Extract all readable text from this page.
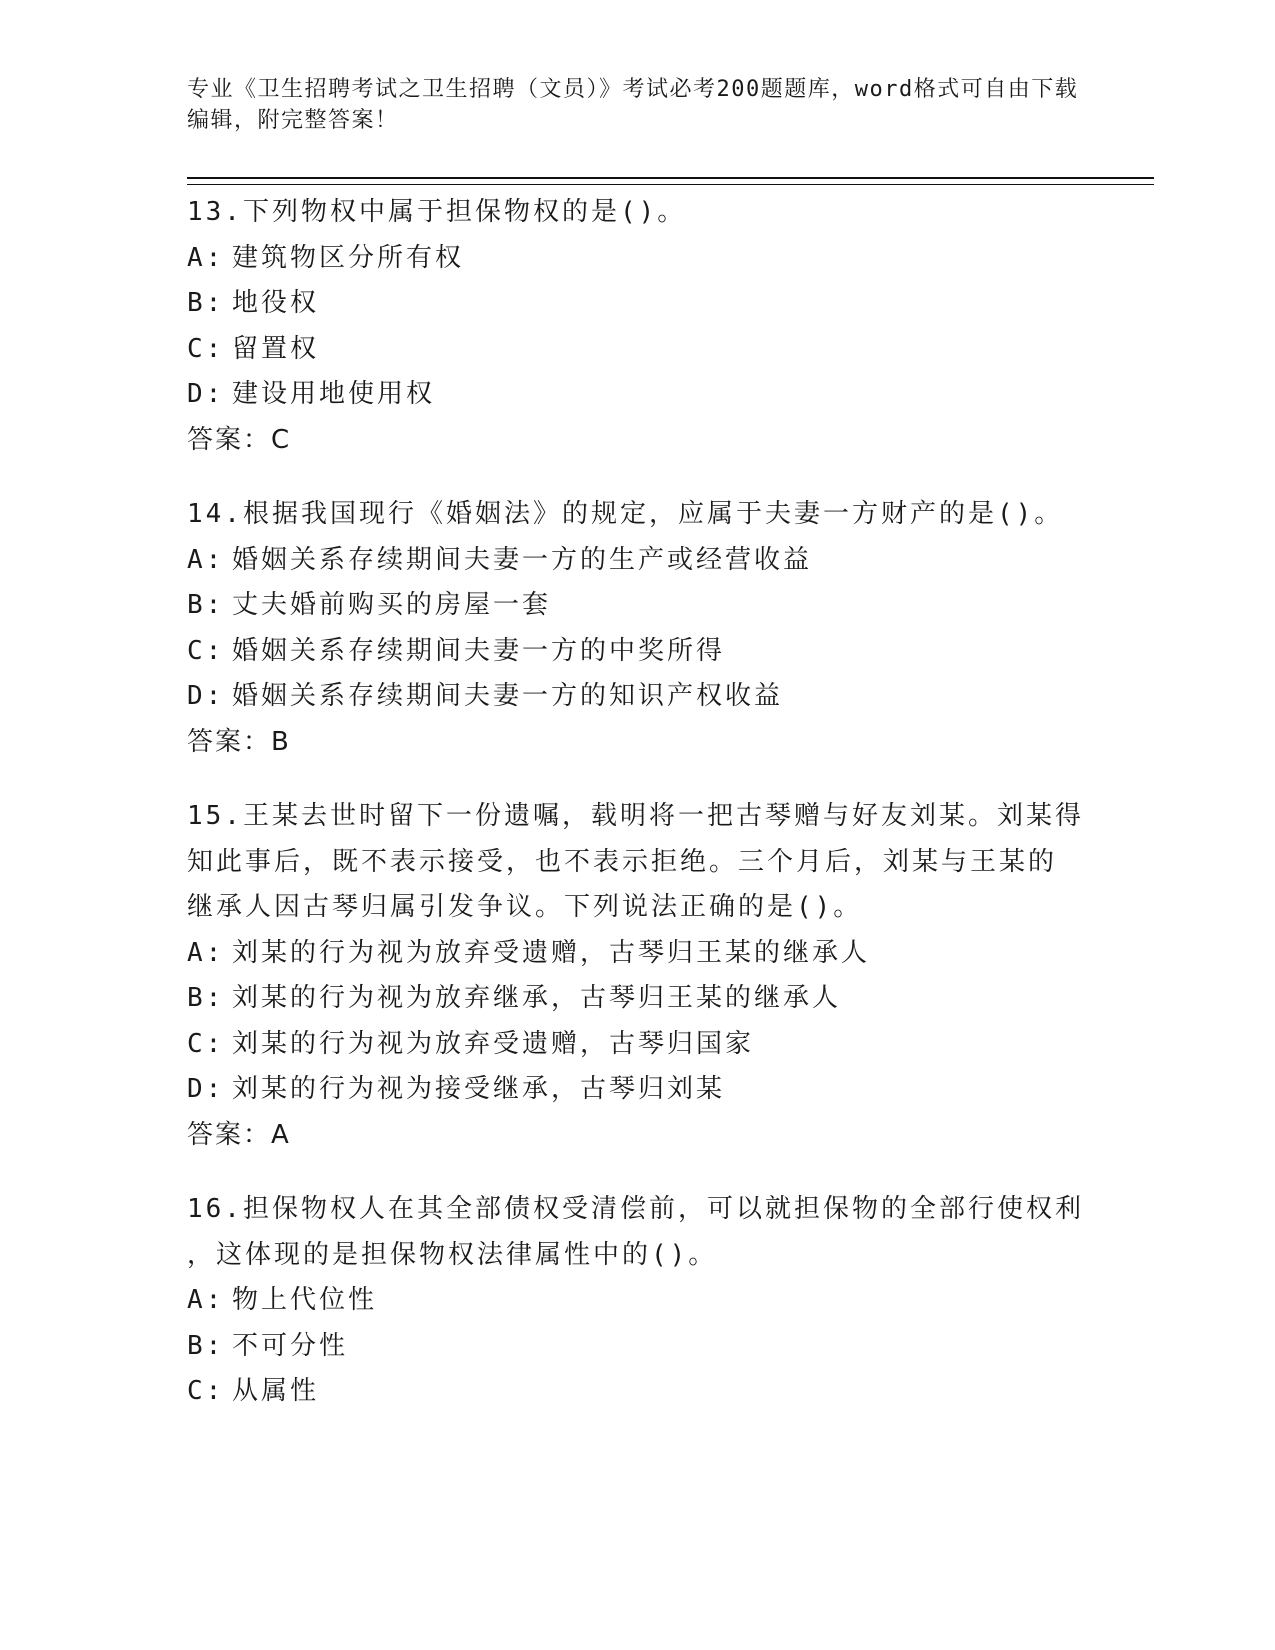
专业《卫生招聘考试之卫生招聘（文员）》考试必考200题题库，word格式可自由下载编辑，附完整答案！
13.下列物权中属于担保物权的是()。
A: 建筑物区分所有权
B: 地役权
C: 留置权
D: 建设用地使用权
答案：C
14.根据我国现行《婚姻法》的规定，应属于夫妻一方财产的是()。
A: 婚姻关系存续期间夫妻一方的生产或经营收益
B: 丈夫婚前购买的房屋一套
C: 婚姻关系存续期间夫妻一方的中奖所得
D: 婚姻关系存续期间夫妻一方的知识产权收益
答案：B
15.王某去世时留下一份遗嘱，载明将一把古琴赠与好友刘某。刘某得
知此事后，既不表示接受，也不表示拒绝。三个月后，刘某与王某的
继承人因古琴归属引发争议。下列说法正确的是()。
A: 刘某的行为视为放弃受遗赠，古琴归王某的继承人
B: 刘某的行为视为放弃继承，古琴归王某的继承人
C: 刘某的行为视为放弃受遗赠，古琴归国家
D: 刘某的行为视为接受继承，古琴归刘某
答案：A
16.担保物权人在其全部债权受清偿前，可以就担保物的全部行使权利
，这体现的是担保物权法律属性中的()。
A: 物上代位性
B: 不可分性
C: 从属性
